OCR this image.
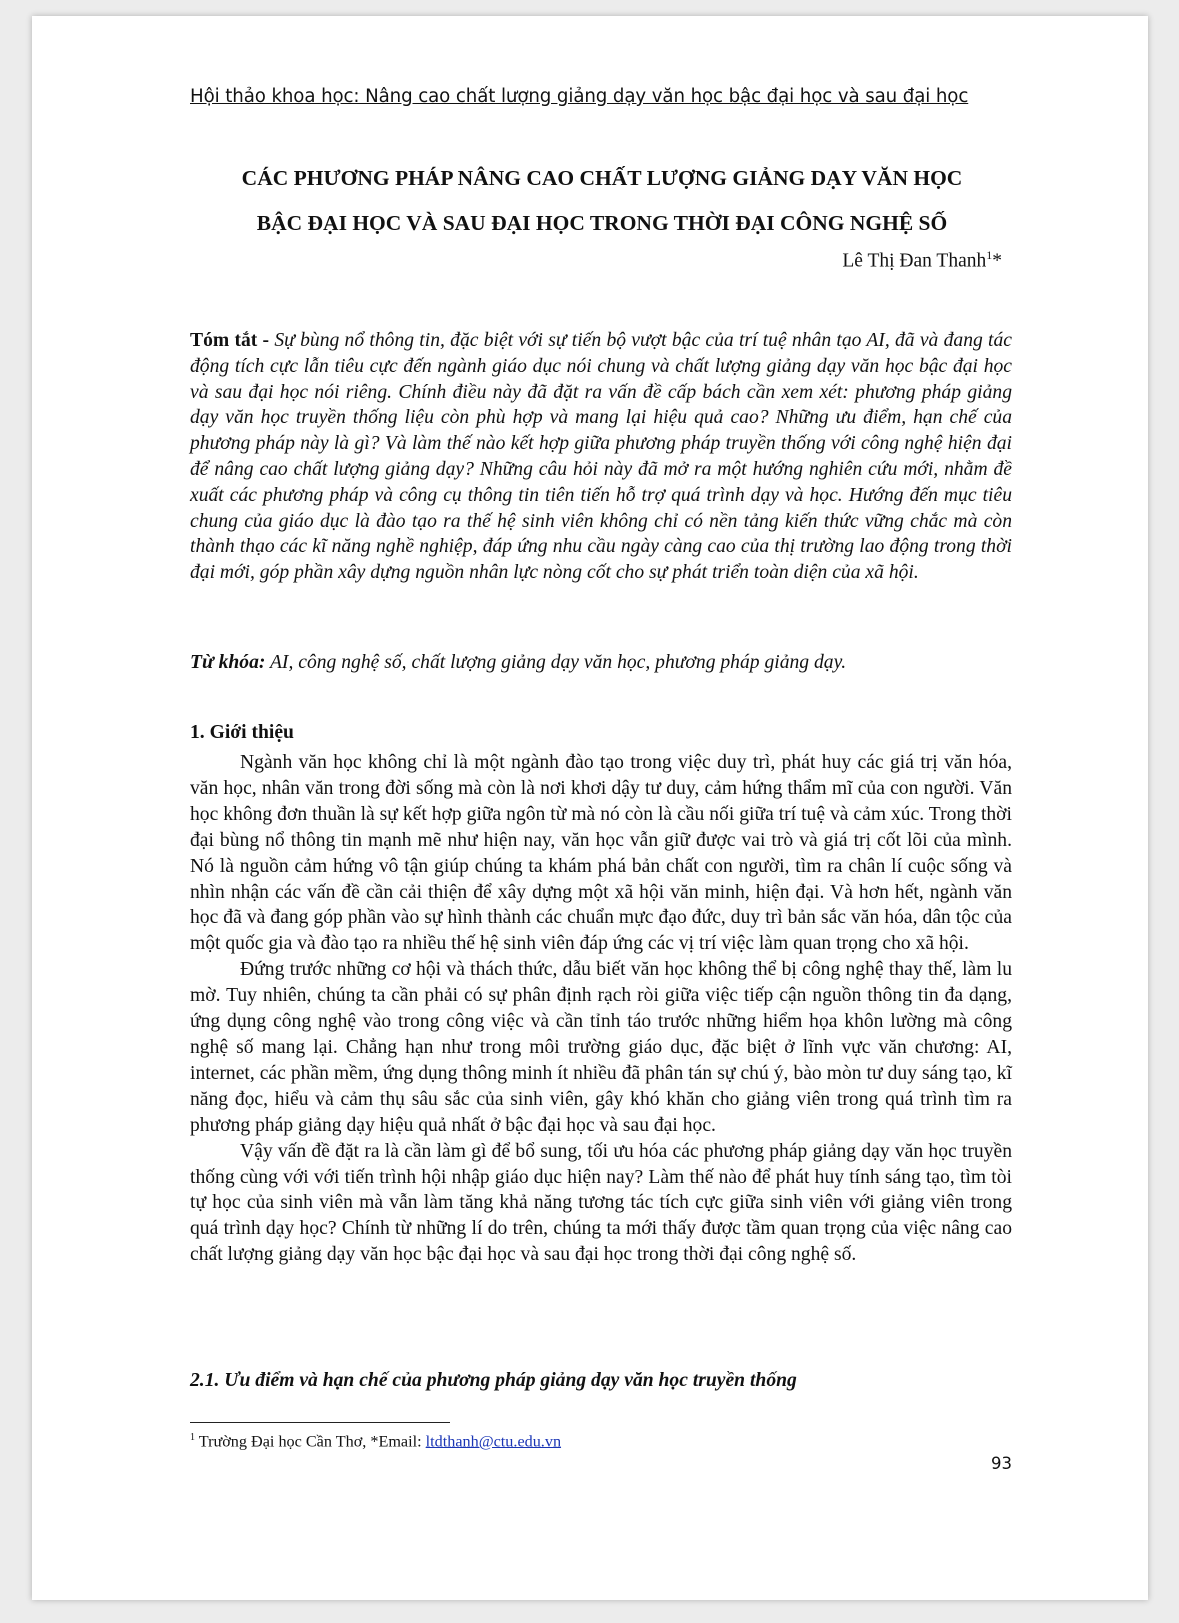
Hội thảo khoa học: Nâng cao chất lượng giảng dạy văn học bậc đại học và sau đại học
CÁC PHƯƠNG PHÁP NÂNG CAO CHẤT LƯỢNG GIẢNG DẠY VĂN HỌC
BẬC ĐẠI HỌC VÀ SAU ĐẠI HỌC TRONG THỜI ĐẠI CÔNG NGHỆ SỐ
Lê Thị Đan Thanh$^1$*
Tóm tắt - Sự bùng nổ thông tin, đặc biệt với sự tiến bộ vượt bậc của trí tuệ nhân tạo AI, đã và đang tác động tích cực lẫn tiêu cực đến ngành giáo dục nói chung và chất lượng giảng dạy văn học bậc đại học và sau đại học nói riêng. Chính điều này đã đặt ra vấn đề cấp bách cần xem xét: phương pháp giảng dạy văn học truyền thống liệu còn phù hợp và mang lại hiệu quả cao? Những ưu điểm, hạn chế của phương pháp này là gì? Và làm thế nào kết hợp giữa phương pháp truyền thống với công nghệ hiện đại để nâng cao chất lượng giảng dạy? Những câu hỏi này đã mở ra một hướng nghiên cứu mới, nhằm đề xuất các phương pháp và công cụ thông tin tiên tiến hỗ trợ quá trình dạy và học. Hướng đến mục tiêu chung của giáo dục là đào tạo ra thế hệ sinh viên không chỉ có nền tảng kiến thức vững chắc mà còn thành thạo các kĩ năng nghề nghiệp, đáp ứng nhu cầu ngày càng cao của thị trường lao động trong thời đại mới, góp phần xây dựng nguồn nhân lực nòng cốt cho sự phát triển toàn diện của xã hội.
Từ khóa: AI, công nghệ số, chất lượng giảng dạy văn học, phương pháp giảng dạy.
1. Giới thiệu

Ngành văn học không chỉ là một ngành đào tạo trong việc duy trì, phát huy các giá trị văn hóa, văn học, nhân văn trong đời sống mà còn là nơi khơi dậy tư duy, cảm hứng thẩm mĩ của con người. Văn học không đơn thuần là sự kết hợp giữa ngôn từ mà nó còn là cầu nối giữa trí tuệ và cảm xúc. Trong thời đại bùng nổ thông tin mạnh mẽ như hiện nay, văn học vẫn giữ được vai trò và giá trị cốt lõi của mình. Nó là nguồn cảm hứng vô tận giúp chúng ta khám phá bản chất con người, tìm ra chân lí cuộc sống và nhìn nhận các vấn đề cần cải thiện để xây dựng một xã hội văn minh, hiện đại. Và hơn hết, ngành văn học đã và đang góp phần vào sự hình thành các chuẩn mực đạo đức, duy trì bản sắc văn hóa, dân tộc của một quốc gia và đào tạo ra nhiều thế hệ sinh viên đáp ứng các vị trí việc làm quan trọng cho xã hội.

Đứng trước những cơ hội và thách thức, dẫu biết văn học không thể bị công nghệ thay thế, làm lu mờ. Tuy nhiên, chúng ta cần phải có sự phân định rạch ròi giữa việc tiếp cận nguồn thông tin đa dạng, ứng dụng công nghệ vào trong công việc và cần tỉnh táo trước những hiểm họa khôn lường mà công nghệ số mang lại. Chẳng hạn như trong môi trường giáo dục, đặc biệt ở lĩnh vực văn chương: AI, internet, các phần mềm, ứng dụng thông minh ít nhiều đã phân tán sự chú ý, bào mòn tư duy sáng tạo, kĩ năng đọc, hiểu và cảm thụ sâu sắc của sinh viên, gây khó khăn cho giảng viên trong quá trình tìm ra phương pháp giảng dạy hiệu quả nhất ở bậc đại học và sau đại học.

Vậy vấn đề đặt ra là cần làm gì để bổ sung, tối ưu hóa các phương pháp giảng dạy văn học truyền thống cùng với với tiến trình hội nhập giáo dục hiện nay? Làm thế nào để phát huy tính sáng tạo, tìm tòi tự học của sinh viên mà vẫn làm tăng khả năng tương tác tích cực giữa sinh viên với giảng viên trong quá trình dạy học? Chính từ những lí do trên, chúng ta mới thấy được tầm quan trọng của việc nâng cao chất lượng giảng dạy văn học bậc đại học và sau đại học trong thời đại công nghệ số.

2.1. Ưu điểm và hạn chế của phương pháp giảng dạy văn học truyền thống
$^1$ Trường Đại học Cần Thơ, *Email: ltdthanh@ctu.edu.vn
93
